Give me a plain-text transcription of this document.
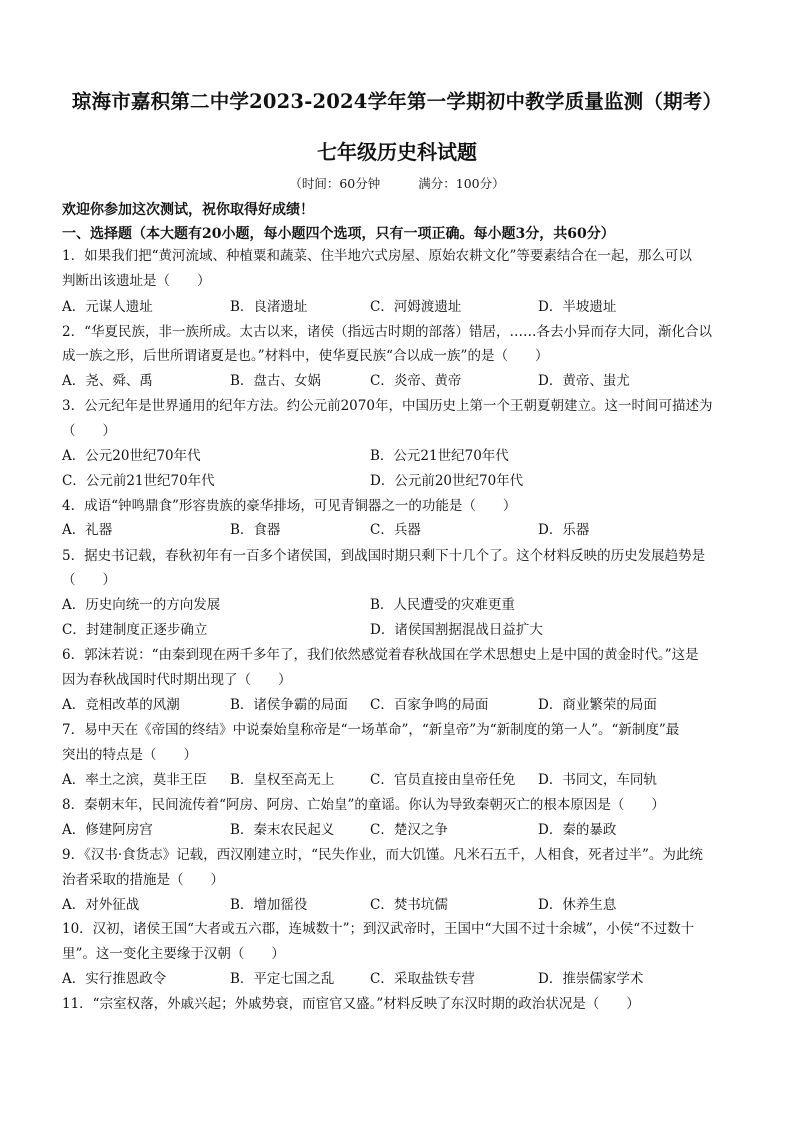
琼海市嘉积第二中学2023-2024学年第一学期初中教学质量监测（期考）
七年级历史科试题
（时间：60分钟	满分：100分）
欢迎你参加这次测试，祝你取得好成绩！
一、选择题（本大题有20小题，每小题四个选项，只有一项正确。每小题3分，共60分）
1．如果我们把“黄河流域、种植粟和蔬菜、住半地穴式房屋、原始农耕文化”等要素结合在一起，那么可以
判断出该遗址是（　　）
A．元谋人遗址	B．良渚遗址	C．河姆渡遗址	D．半坡遗址
2．“华夏民族，非一族所成。太古以来，诸侯（指远古时期的部落）错居，……各去小异而存大同，渐化合以
成一族之形，后世所谓诸夏是也。”材料中，使华夏民族“合以成一族”的是（　　）
A．尧、舜、禹	B．盘古、女娲	C．炎帝、黄帝	D．黄帝、蚩尤
3．公元纪年是世界通用的纪年方法。约公元前2070年，中国历史上第一个王朝夏朝建立。这一时间可描述为
（　　）
A．公元20世纪70年代	B．公元21世纪70年代
C．公元前21世纪70年代	D．公元前20世纪70年代
4．成语“钟鸣鼎食”形容贵族的豪华排场，可见青铜器之一的功能是（　　）
A．礼器	B．食器	C．兵器	D．乐器
5．据史书记载，春秋初年有一百多个诸侯国，到战国时期只剩下十几个了。这个材料反映的历史发展趋势是
（　　）
A．历史向统一的方向发展	B．人民遭受的灾难更重
C．封建制度正逐步确立	D．诸侯国割据混战日益扩大
6．郭沫若说：“由秦到现在两千多年了，我们依然感觉着春秋战国在学术思想史上是中国的黄金时代。”这是
因为春秋战国时代时期出现了（　　）
A．竞相改革的风潮	B．诸侯争霸的局面 C．百家争鸣的局面	D．商业繁荣的局面
7．易中天在《帝国的终结》中说秦始皇称帝是“一场革命”，“新皇帝”为“新制度的第一人”。“新制度”最
突出的特点是（　　）
A．率土之滨，莫非王臣 B．皇权至高无上	C．官员直接由皇帝任免 D．书同文，车同轨
8．秦朝末年，民间流传着“阿房、阿房、亡始皇”的童谣。你认为导致秦朝灭亡的根本原因是（　　）
A．修建阿房宫	B．秦末农民起义	C．楚汉之争	D．秦的暴政
9．《汉书·食货志》记载，西汉刚建立时，“民失作业，而大饥馑。凡米石五千，人相食，死者过半”。为此统
治者采取的措施是（　　）
A．对外征战	B．增加徭役	C．焚书坑儒	D．休养生息
10．汉初，诸侯王国“大者或五六郡，连城数十”；到汉武帝时，王国中“大国不过十余城”，小侯“不过数十
里”。这一变化主要缘于汉朝（　　）
A．实行推恩政令	B．平定七国之乱	C．采取盐铁专营	D．推崇儒家学术
11．“宗室权落，外戚兴起；外戚势衰，而宦官又盛。”材料反映了东汉时期的政治状况是（　　）
